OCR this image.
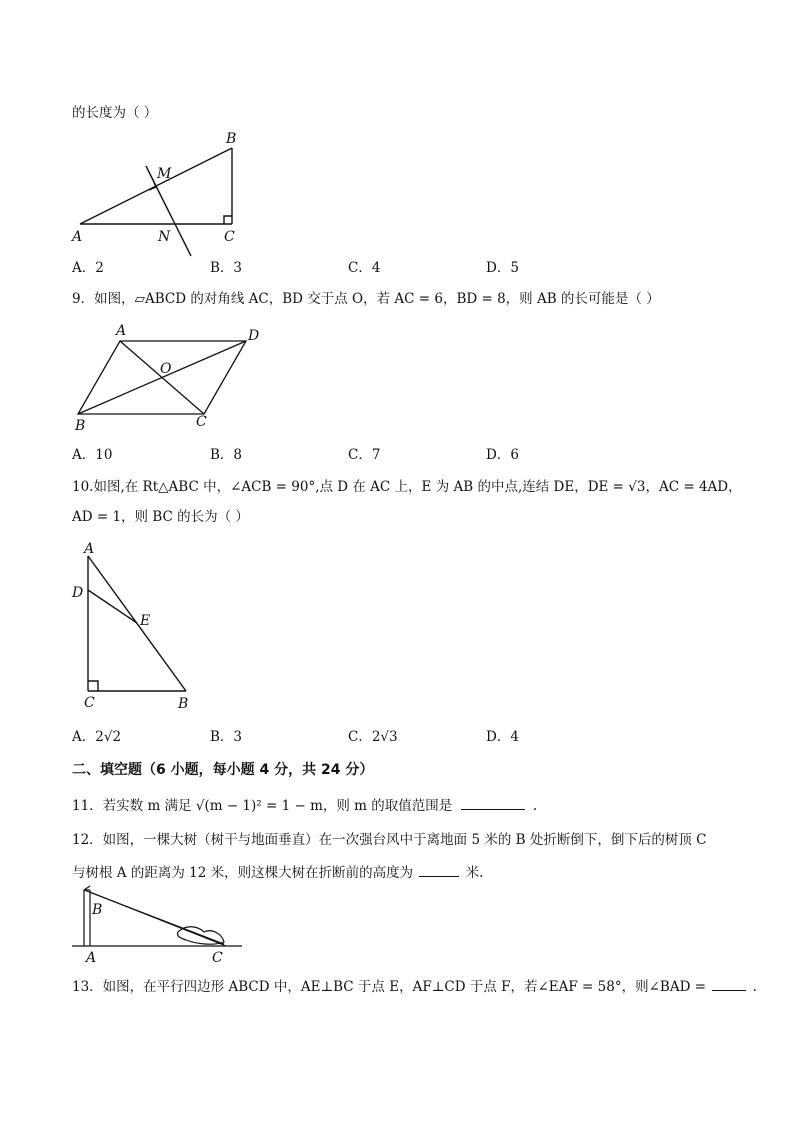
的长度为（ ）
B
M
A	N	C
A．2	B．3	C．4	D．5
9．如图，▱ABCD 的对角线 AC，BD 交于点 O，若 AC = 6，BD = 8，则 AB 的长可能是（ ）
A	D
O
B	C
A．10	B．8	C．7	D．6
10.如图,在 Rt△ABC 中，∠ACB = 90°,点 D 在 AC 上，E 为 AB 的中点,连结 DE，DE = √3，AC = 4AD，
AD = 1，则 BC 的长为（ ）
A
D
E
C	B
A．2√2	B．3	C．2√3	D．4
二、填空题（6 小题，每小题 4 分，共 24 分）
11．若实数 m 满足 √(m − 1)² = 1 − m，则 m 的取值范围是	.
12．如图，一棵大树（树干与地面垂直）在一次强台风中于离地面 5 米的 B 处折断倒下，倒下后的树顶 C
与树根 A 的距离为 12 米，则这棵大树在折断前的高度为	米.
B
A	C
13．如图，在平行四边形 ABCD 中，AE⊥BC 于点 E，AF⊥CD 于点 F，若∠EAF = 58°，则∠BAD =	.
